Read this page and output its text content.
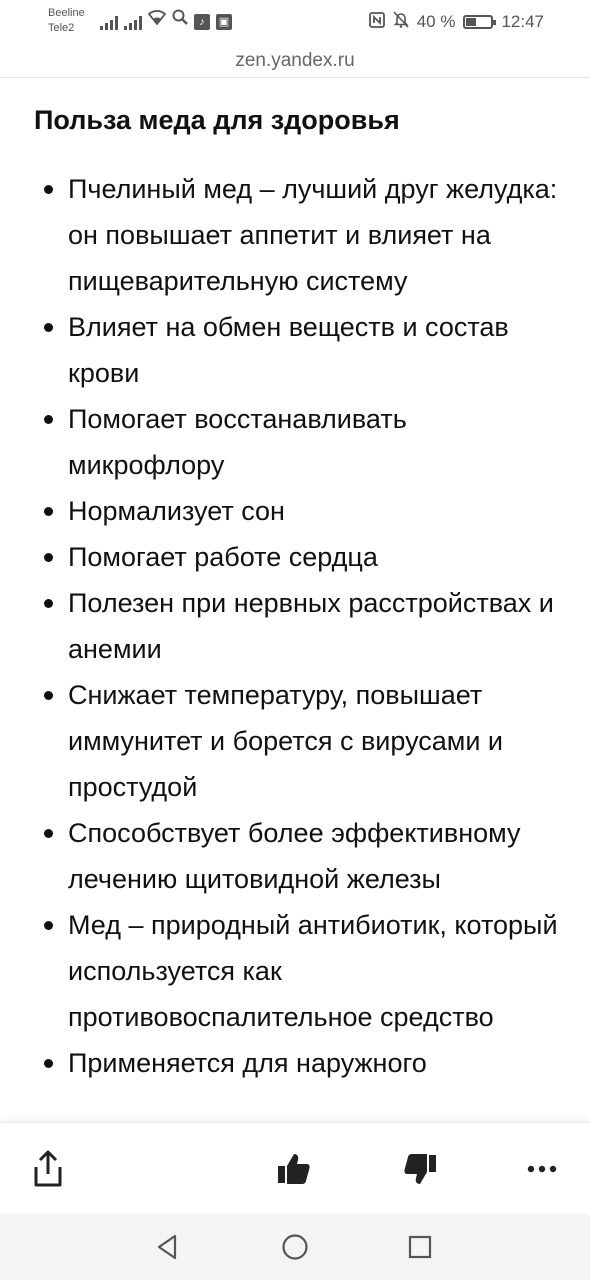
Beeline
Tele2	♪	▣	40 %	12:47
zen.yandex.ru
Польза меда для здоровья
Пчелиный мед – лучший друг желудка: он повышает аппетит и влияет на пищеварительную систему
Влияет на обмен веществ и состав крови
Помогает восстанавливать микрофлору
Нормализует сон
Помогает работе сердца
Полезен при нервных расстройствах и анемии
Снижает температуру, повышает иммунитет и борется с вирусами и простудой
Способствует более эффективному лечению щитовидной железы
Мед – природный антибиотик, который используется как противовоспалительное средство
Применяется для наружного
